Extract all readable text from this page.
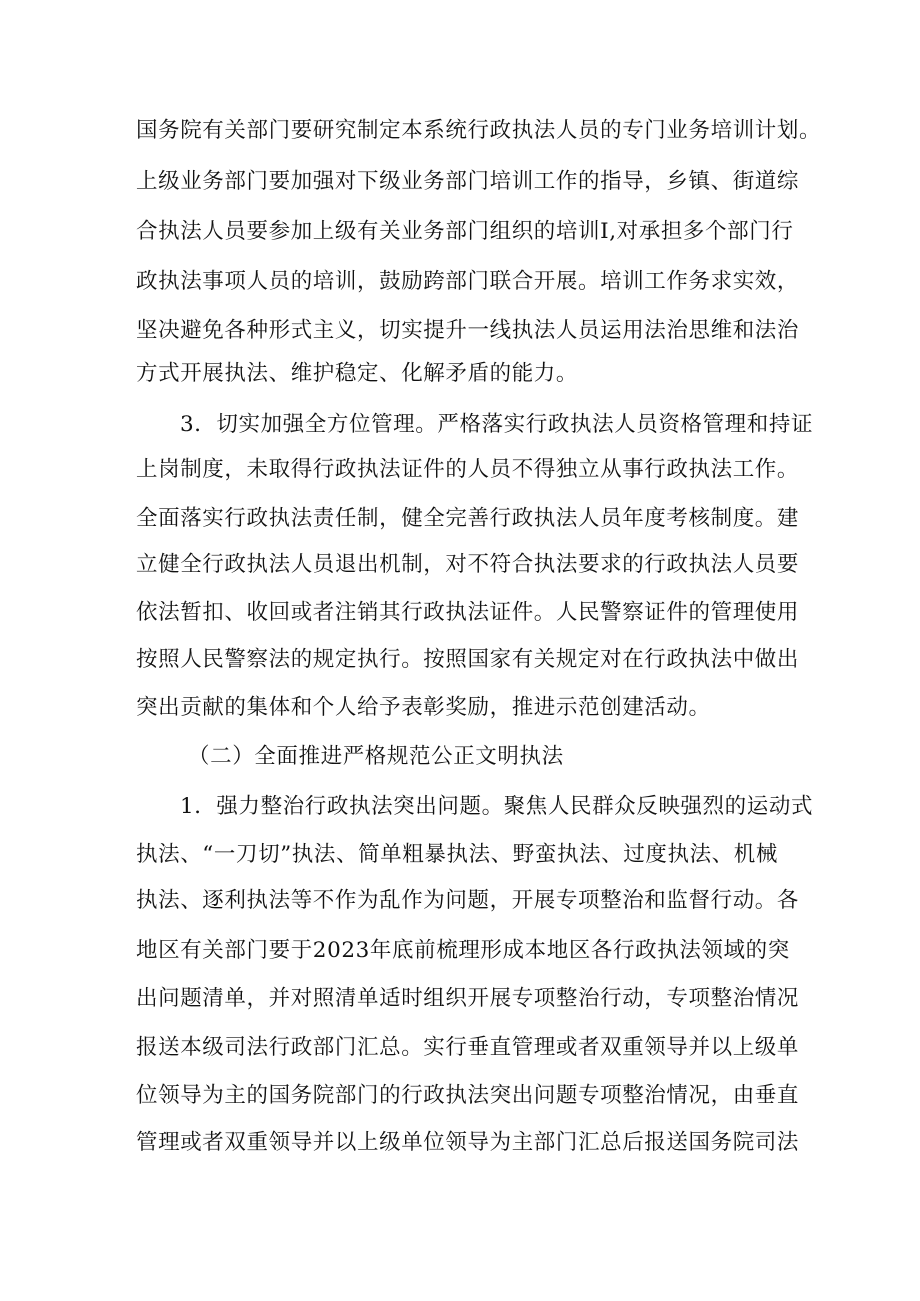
国务院有关部门要研究制定本系统行政执法人员的专门业务培训计划。
上级业务部门要加强对下级业务部门培训工作的指导，乡镇、街道综
合执法人员要参加上级有关业务部门组织的培训I,对承担多个部门行
政执法事项人员的培训，鼓励跨部门联合开展。培训工作务求实效，
坚决避免各种形式主义，切实提升一线执法人员运用法治思维和法治
方式开展执法、维护稳定、化解矛盾的能力。
3．切实加强全方位管理。严格落实行政执法人员资格管理和持证
上岗制度，未取得行政执法证件的人员不得独立从事行政执法工作。
全面落实行政执法责任制，健全完善行政执法人员年度考核制度。建
立健全行政执法人员退出机制，对不符合执法要求的行政执法人员要
依法暂扣、收回或者注销其行政执法证件。人民警察证件的管理使用
按照人民警察法的规定执行。按照国家有关规定对在行政执法中做出
突出贡献的集体和个人给予表彰奖励，推进示范创建活动。
（二）全面推进严格规范公正文明执法
1．强力整治行政执法突出问题。聚焦人民群众反映强烈的运动式
执法、“一刀切”执法、简单粗暴执法、野蛮执法、过度执法、机械
执法、逐利执法等不作为乱作为问题，开展专项整治和监督行动。各
地区有关部门要于2023年底前梳理形成本地区各行政执法领域的突
出问题清单，并对照清单适时组织开展专项整治行动，专项整治情况
报送本级司法行政部门汇总。实行垂直管理或者双重领导并以上级单
位领导为主的国务院部门的行政执法突出问题专项整治情况，由垂直
管理或者双重领导并以上级单位领导为主部门汇总后报送国务院司法
